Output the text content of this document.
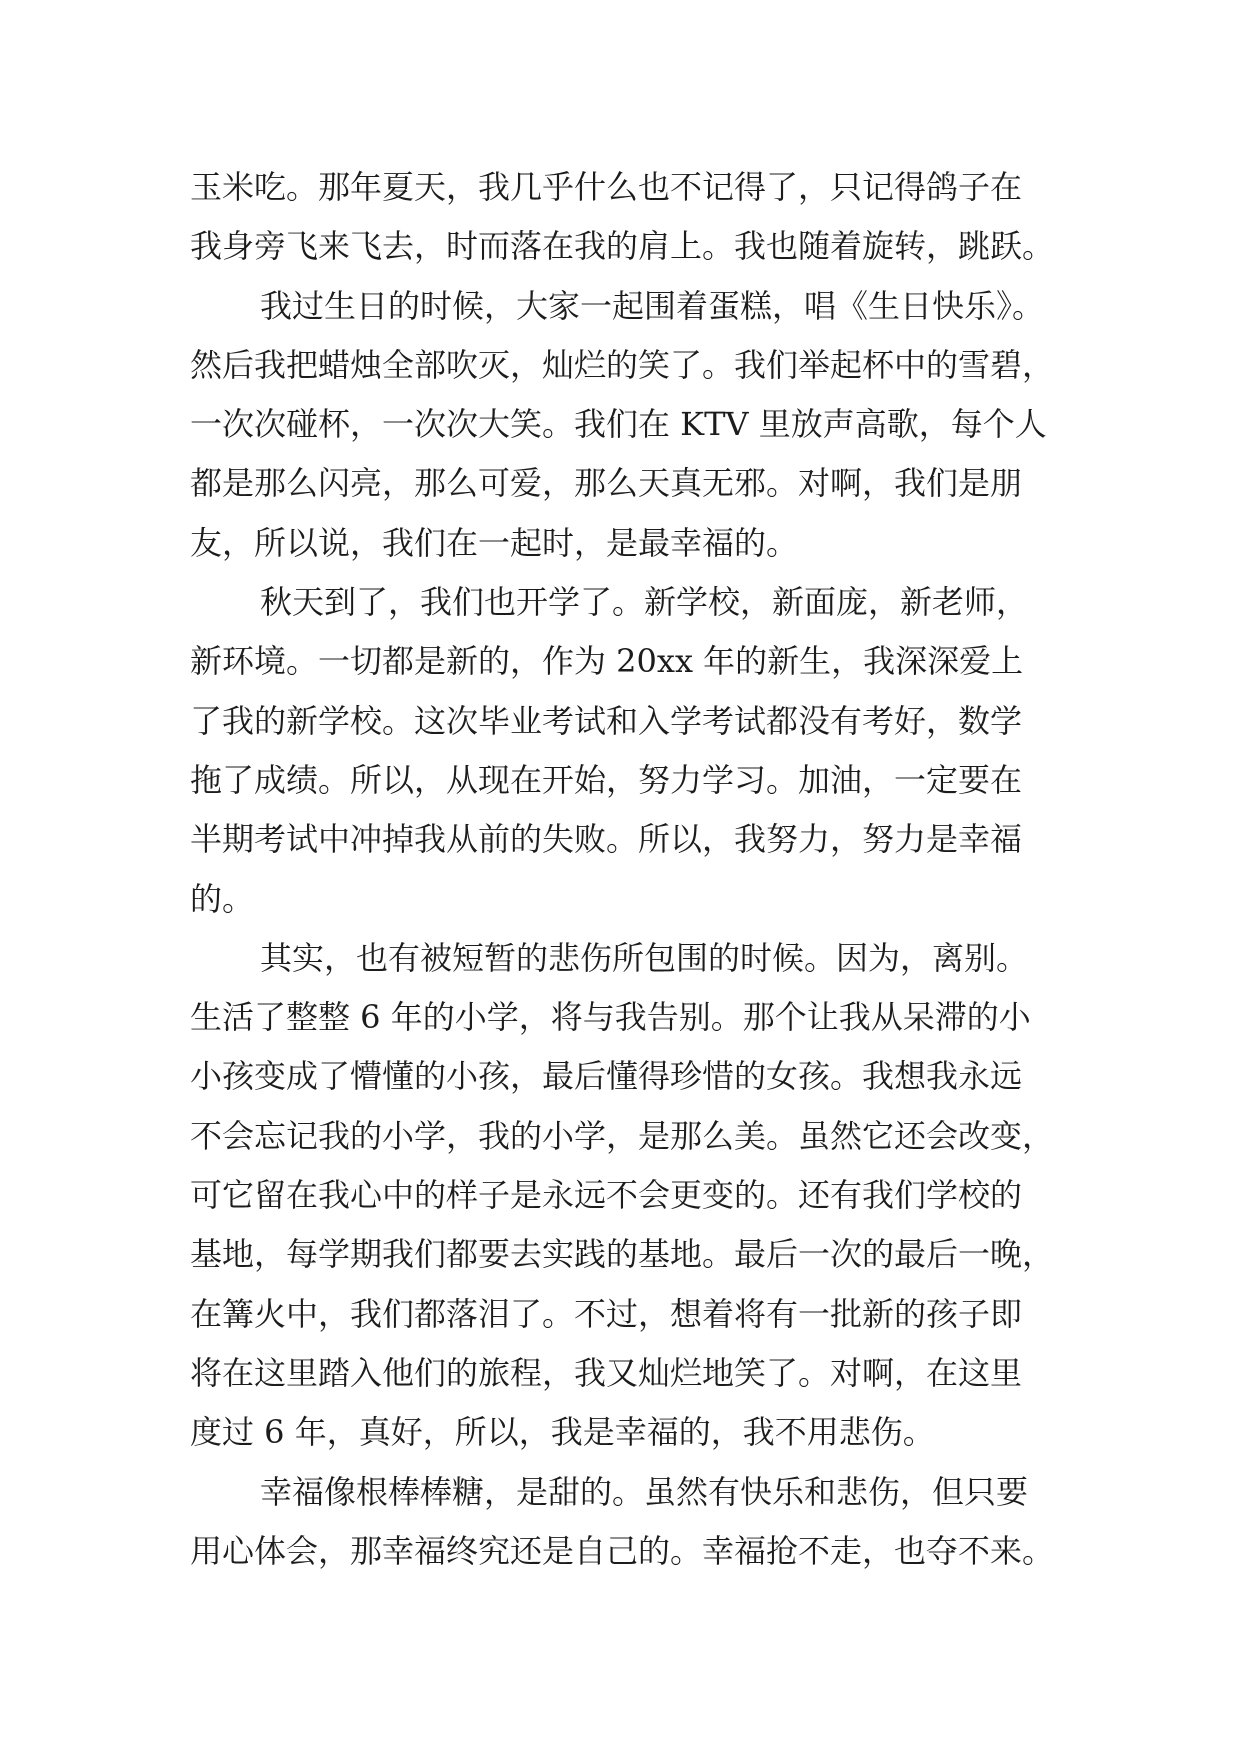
玉米吃。那年夏天，我几乎什么也不记得了，只记得鸽子在
我身旁飞来飞去，时而落在我的肩上。我也随着旋转，跳跃。
我过生日的时候，大家一起围着蛋糕，唱《生日快乐》。
然后我把蜡烛全部吹灭，灿烂的笑了。我们举起杯中的雪碧，
一次次碰杯，一次次大笑。我们在 KTV 里放声高歌，每个人
都是那么闪亮，那么可爱，那么天真无邪。对啊，我们是朋
友，所以说，我们在一起时，是最幸福的。
秋天到了，我们也开学了。新学校，新面庞，新老师，
新环境。一切都是新的，作为 20xx 年的新生，我深深爱上
了我的新学校。这次毕业考试和入学考试都没有考好，数学
拖了成绩。所以，从现在开始，努力学习。加油，一定要在
半期考试中冲掉我从前的失败。所以，我努力，努力是幸福
的。
其实，也有被短暂的悲伤所包围的时候。因为，离别。
生活了整整 6 年的小学，将与我告别。那个让我从呆滞的小
小孩变成了懵懂的小孩，最后懂得珍惜的女孩。我想我永远
不会忘记我的小学，我的小学，是那么美。虽然它还会改变，
可它留在我心中的样子是永远不会更变的。还有我们学校的
基地，每学期我们都要去实践的基地。最后一次的最后一晚，
在篝火中，我们都落泪了。不过，想着将有一批新的孩子即
将在这里踏入他们的旅程，我又灿烂地笑了。对啊，在这里
度过 6 年，真好，所以，我是幸福的，我不用悲伤。
幸福像根棒棒糖，是甜的。虽然有快乐和悲伤，但只要
用心体会，那幸福终究还是自己的。幸福抢不走，也夺不来。
